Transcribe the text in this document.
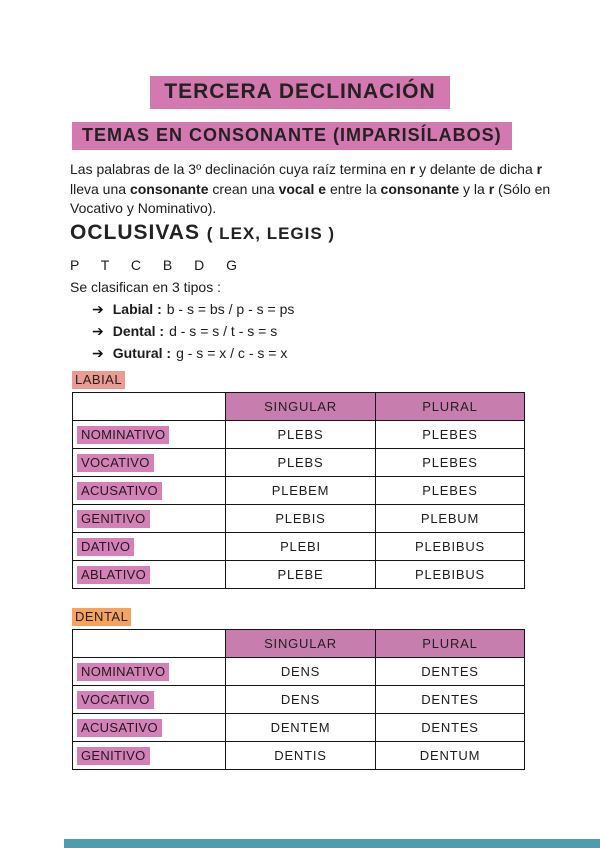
TERCERA DECLINACIÓN
TEMAS EN CONSONANTE (IMPARISÍLABOS)

Las palabras de la 3º declinación cuya raíz termina en r y delante de dicha r lleva una consonante crean una vocal e entre la consonante y la r (Sólo en Vocativo y Nominativo).

OCLUSIVAS ( LEX, LEGIS )
P T C B D G
Se clasifican en 3 tipos :
➔ Labial : b - s = bs / p - s = ps
➔ Dental : d - s = s / t - s = s
➔ Gutural : g - s = x / c - s = x
LABIAL
	SINGULAR	PLURAL
NOMINATIVO	PLEBS	PLEBES
VOCATIVO	PLEBS	PLEBES
ACUSATIVO	PLEBEM	PLEBES
GENITIVO	PLEBIS	PLEBUM
DATIVO	PLEBI	PLEBIBUS
ABLATIVO	PLEBE	PLEBIBUS
DENTAL
	SINGULAR	PLURAL
NOMINATIVO	DENS	DENTES
VOCATIVO	DENS	DENTES
ACUSATIVO	DENTEM	DENTES
GENITIVO	DENTIS	DENTUM
